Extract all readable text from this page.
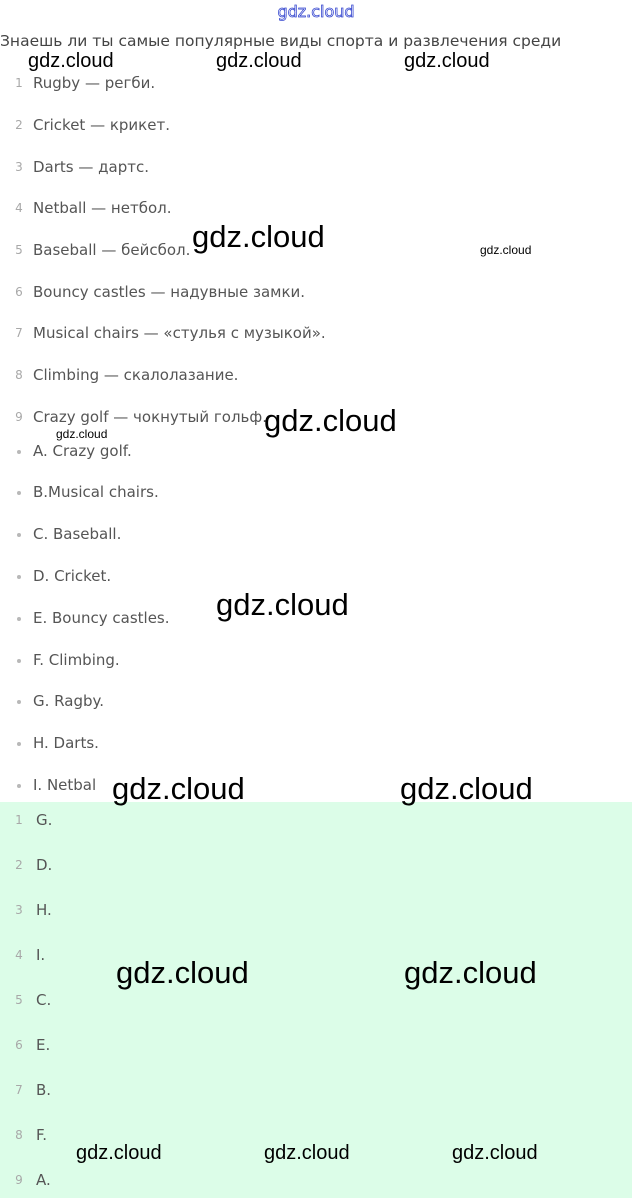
gdz.cloud
Знаешь ли ты самые популярные виды спорта и развлечения среди
1 Rugby — регби.
2 Cricket — крикет.
3 Darts — дартс.
4 Netball — нетбол.
5 Baseball — бейсбол.
6 Bouncy castles — надувные замки.
7 Musical chairs — «стулья с музыкой».
8 Climbing — скалолазание.
9 Crazy golf — чокнутый гольф.
A. Crazy golf.
B.Musical chairs.
C. Baseball.
D. Cricket.
E. Bouncy castles.
F. Climbing.
G. Ragby.
H. Darts.
I. Netbal
1 G.
2 D.
3 H.
4 I.
5 C.
6 E.
7 B.
8 F.
9 A.
gdz.cloud	gdz.cloud	gdz.cloud
gdz.cloud	gdz.cloud
gdz.cloud
gdz.cloud
gdz.cloud
gdz.cloud	gdz.cloud
gdz.cloud	gdz.cloud
gdz.cloud	gdz.cloud	gdz.cloud
